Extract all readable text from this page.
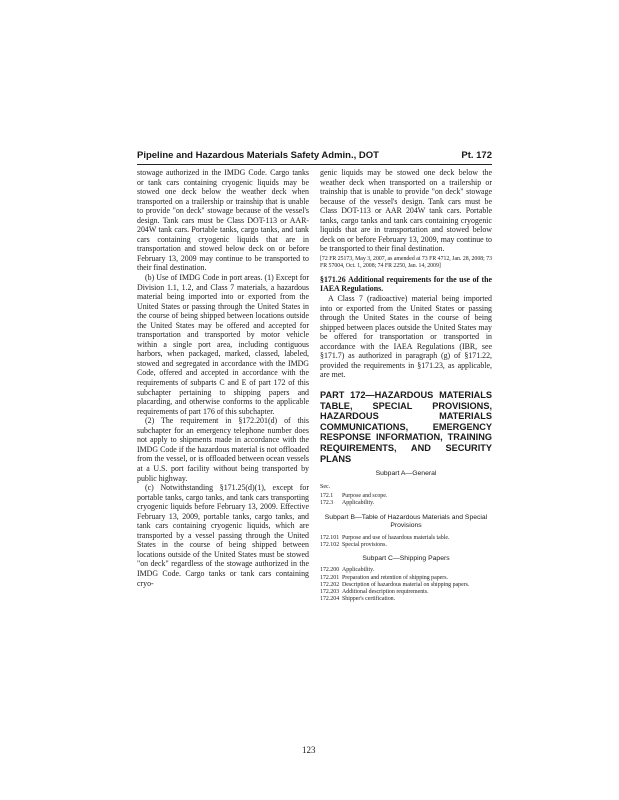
Pipeline and Hazardous Materials Safety Admin., DOT	Pt. 172

stowage authorized in the IMDG Code. Cargo tanks or tank cars containing cryogenic liquids may be stowed one deck below the weather deck when transported on a trailership or trainship that is unable to provide "on deck" stowage because of the vessel's design. Tank cars must be Class DOT-113 or AAR-204W tank cars. Portable tanks, cargo tanks, and tank cars containing cryogenic liquids that are in transportation and stowed below deck on or before February 13, 2009 may continue to be transported to their final destination.

(b) Use of IMDG Code in port areas. (1) Except for Division 1.1, 1.2, and Class 7 materials, a hazardous material being imported into or exported from the United States or passing through the United States in the course of being shipped between locations outside the United States may be offered and accepted for transportation and transported by motor vehicle within a single port area, including contiguous harbors, when packaged, marked, classed, labeled, stowed and segregated in accordance with the IMDG Code, offered and accepted in accordance with the requirements of subparts C and E of part 172 of this subchapter pertaining to shipping papers and placarding, and otherwise conforms to the applicable requirements of part 176 of this subchapter.

(2) The requirement in §172.201(d) of this subchapter for an emergency telephone number does not apply to shipments made in accordance with the IMDG Code if the hazardous material is not offloaded from the vessel, or is offloaded between ocean vessels at a U.S. port facility without being transported by public highway.

(c) Notwithstanding §171.25(d)(1), except for portable tanks, cargo tanks, and tank cars transporting cryogenic liquids before February 13, 2009. Effective February 13, 2009, portable tanks, cargo tanks, and tank cars containing cryogenic liquids, which are transported by a vessel passing through the United States in the course of being shipped between locations outside of the United States must be stowed "on deck" regardless of the stowage authorized in the IMDG Code. Cargo tanks or tank cars containing cryo-

genic liquids may be stowed one deck below the weather deck when transported on a trailership or trainship that is unable to provide "on deck" stowage because of the vessel's design. Tank cars must be Class DOT-113 or AAR 204W tank cars. Portable tanks, cargo tanks and tank cars containing cryogenic liquids that are in transportation and stowed below deck on or before February 13, 2009, may continue to be transported to their final destination.

[72 FR 25173, May 3, 2007, as amended at 73 FR 4712, Jan. 28, 2008; 73 FR 57004, Oct. 1, 2008; 74 FR 2250, Jan. 14, 2009]

§171.26 Additional requirements for the use of the IAEA Regulations.

A Class 7 (radioactive) material being imported into or exported from the United States or passing through the United States in the course of being shipped between places outside the United States may be offered for transportation or transported in accordance with the IAEA Regulations (IBR, see §171.7) as authorized in paragraph (g) of §171.22, provided the requirements in §171.23, as applicable, are met.

PART 172—HAZARDOUS MATERIALS TABLE, SPECIAL PROVISIONS, HAZARDOUS MATERIALS COMMUNICATIONS, EMERGENCY RESPONSE INFORMATION, TRAINING REQUIREMENTS, AND SECURITY PLANS
Subpart A—General
Sec.
172.1	Purpose and scope.
172.3	Applicability.
Subpart B—Table of Hazardous Materials and Special Provisions
172.101 Purpose and use of hazardous materials table.
172.102 Special provisions.
Subpart C—Shipping Papers
172.200 Applicability.
172.201 Preparation and retention of shipping papers.
172.202 Description of hazardous material on shipping papers.
172.203 Additional description requirements.
172.204 Shipper's certification.
123
